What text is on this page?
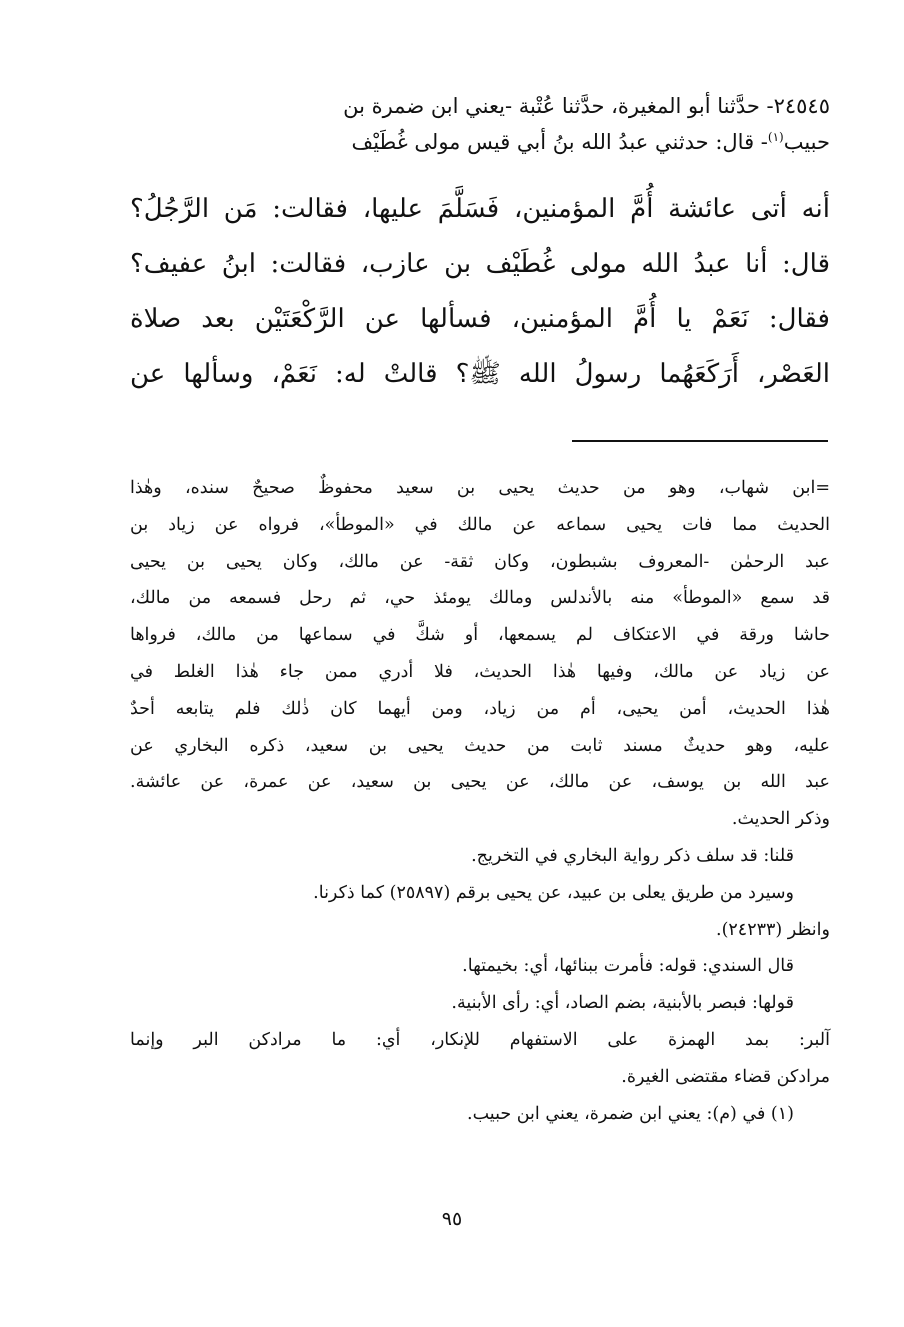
٢٤٥٤٥- حدَّثنا أبو المغيرة، حدَّثنا عُتْبة -يعني ابن ضمرة بن
حبيب$^{(١)}$- قال: حدثني عبدُ الله بنُ أبي قيس مولى غُطَيْف
أنه أتى عائشة أُمَّ المؤمنين، فَسَلَّمَ عليها، فقالت: مَن الرَّجُلُ؟
قال: أنا عبدُ الله مولى غُطَيْف بن عازب، فقالت: ابنُ عفيف؟
فقال: نَعَمْ يا أُمَّ المؤمنين، فسألها عن الرَّكْعَتَيْن بعد صلاة
العَصْر، أَرَكَعَهُما رسولُ الله ﷺ؟ قالتْ له: نَعَمْ، وسألها عن
=ابن شهاب، وهو من حديث يحيى بن سعيد محفوظٌ صحيحٌ سنده، وهٰذا
الحديث مما فات يحيى سماعه عن مالك في «الموطأ»، فرواه عن زياد بن
عبد الرحمٰن -المعروف بشبطون، وكان ثقة- عن مالك، وكان يحيى بن يحيى
قد سمع «الموطأ» منه بالأندلس ومالك يومئذ حي، ثم رحل فسمعه من مالك،
حاشا ورقة في الاعتكاف لم يسمعها، أو شكَّ في سماعها من مالك، فرواها
عن زياد عن مالك، وفيها هٰذا الحديث، فلا أدري ممن جاء هٰذا الغلط في
هٰذا الحديث، أمن يحيى، أم من زياد، ومن أيهما كان ذٰلك فلم يتابعه أحدٌ
عليه، وهو حديثٌ مسند ثابت من حديث يحيى بن سعيد، ذكره البخاري عن
عبد الله بن يوسف، عن مالك، عن يحيى بن سعيد، عن عمرة، عن عائشة.
وذكر الحديث.
قلنا: قد سلف ذكر رواية البخاري في التخريج.
وسيرد من طريق يعلى بن عبيد، عن يحيى برقم (٢٥٨٩٧) كما ذكرنا.
وانظر (٢٤٢٣٣).
قال السندي: قوله: فأمرت ببنائها، أي: بخيمتها.
قولها: فبصر بالأبنية، بضم الصاد، أي: رأى الأبنية.
آلبر: بمد الهمزة على الاستفهام للإنكار، أي: ما مرادكن البر وإنما
مرادكن قضاء مقتضى الغيرة.
(١) في (م): يعني ابن ضمرة، يعني ابن حبيب.
٩٥
